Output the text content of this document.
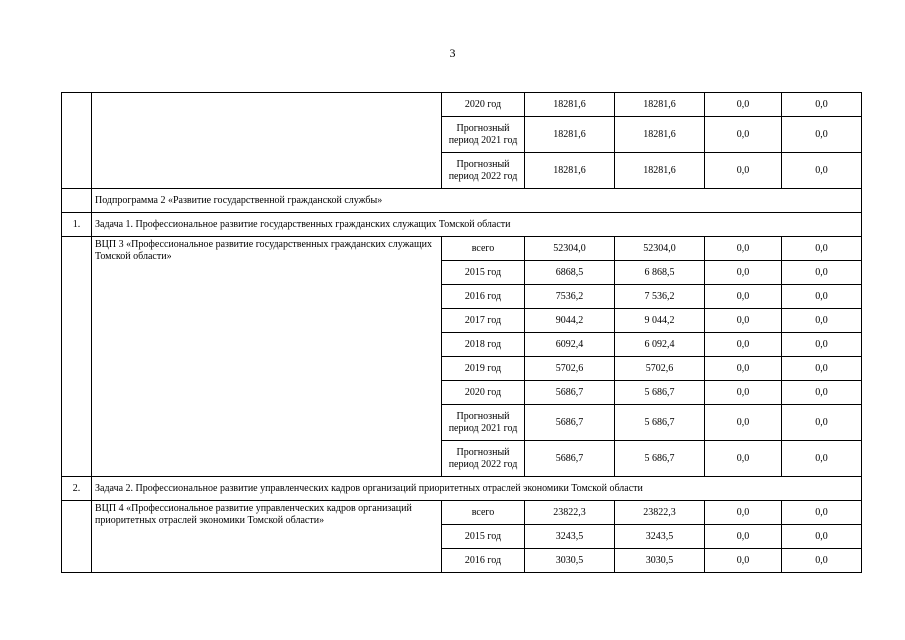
3
		2020 год	18281,6	18281,6	0,0	0,0
		Прогнозный период 2021 год	18281,6	18281,6	0,0	0,0
		Прогнозный период 2022 год	18281,6	18281,6	0,0	0,0
	Подпрограмма 2 «Развитие государственной гражданской службы»					
1.	Задача 1. Профессиональное развитие государственных гражданских служащих Томской области					
	ВЦП 3 «Профессиональное развитие государственных гражданских служащих Томской области»	всего	52304,0	52304,0	0,0	0,0
		2015 год	6868,5	6 868,5	0,0	0,0
		2016 год	7536,2	7 536,2	0,0	0,0
		2017 год	9044,2	9 044,2	0,0	0,0
		2018 год	6092,4	6 092,4	0,0	0,0
		2019 год	5702,6	5702,6	0,0	0,0
		2020 год	5686,7	5 686,7	0,0	0,0
		Прогнозный период 2021 год	5686,7	5 686,7	0,0	0,0
		Прогнозный период 2022 год	5686,7	5 686,7	0,0	0,0
2.	Задача 2. Профессиональное развитие управленческих кадров организаций приоритетных отраслей экономики Томской области					
	ВЦП 4 «Профессиональное развитие управленческих кадров организаций приоритетных отраслей экономики Томской области»	всего	23822,3	23822,3	0,0	0,0
		2015 год	3243,5	3243,5	0,0	0,0
		2016 год	3030,5	3030,5	0,0	0,0
